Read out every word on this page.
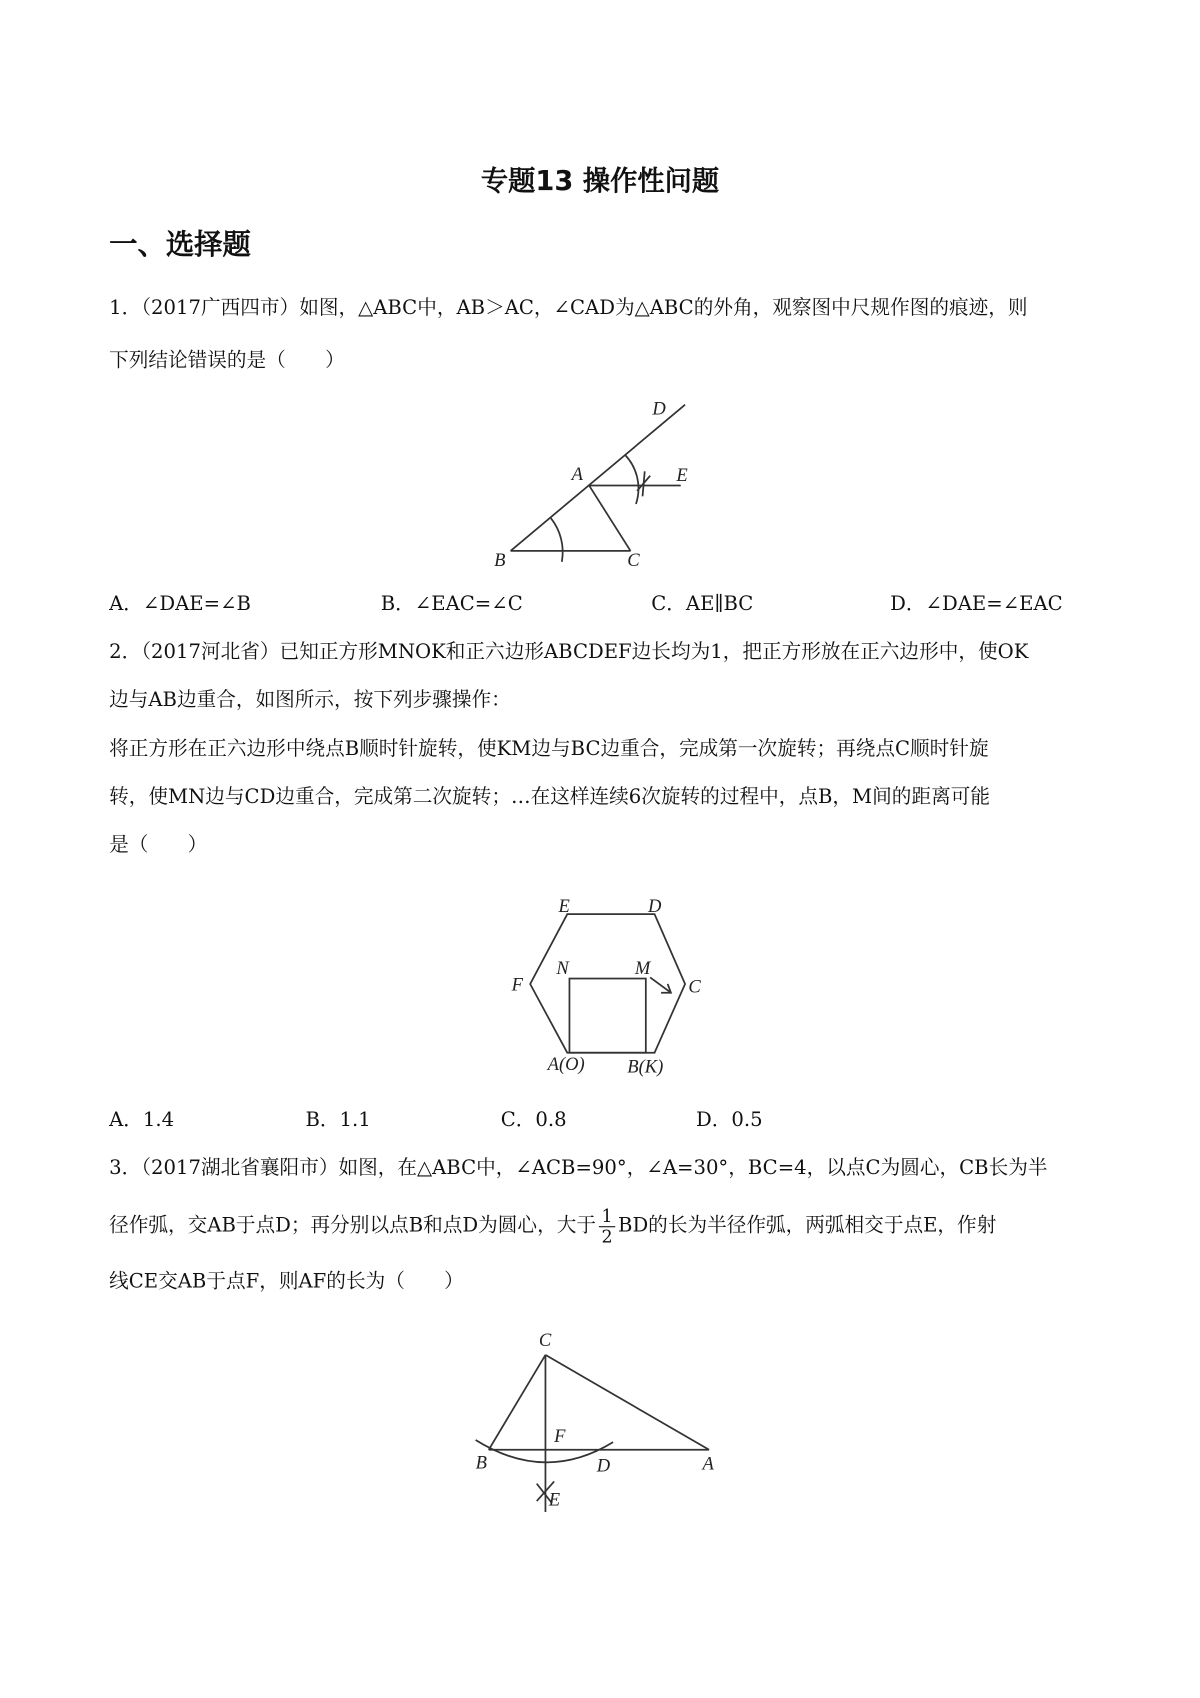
专题13 操作性问题
一、选择题
1．（2017广西四市）如图，△ABC中，AB＞AC，∠CAD为△ABC的外角，观察图中尺规作图的痕迹，则
下列结论错误的是（　　）
D
A	E
B	C
E	D
F
N	M
C
A(O)	B(K)
C
F
B	D	A
E
A．∠DAE=∠B	B．∠EAC=∠C	C．AE∥BC	D．∠DAE=∠EAC
2．（2017河北省）已知正方形MNOK和正六边形ABCDEF边长均为1，把正方形放在正六边形中，使OK
边与AB边重合，如图所示，按下列步骤操作：
将正方形在正六边形中绕点B顺时针旋转，使KM边与BC边重合，完成第一次旋转；再绕点C顺时针旋
转，使MN边与CD边重合，完成第二次旋转；…在这样连续6次旋转的过程中，点B，M间的距离可能
是（　　）
A．1.4	B．1.1	C．0.8	D．0.5
3．（2017湖北省襄阳市）如图，在△ABC中，∠ACB=90°，∠A=30°，BC=4，以点C为圆心，CB长为半
径作弧，交AB于点D；再分别以点B和点D为圆心，大于 $\frac{1}{2}$ BD的长为半径作弧，两弧相交于点E，作射
线CE交AB于点F，则AF的长为（　　）
